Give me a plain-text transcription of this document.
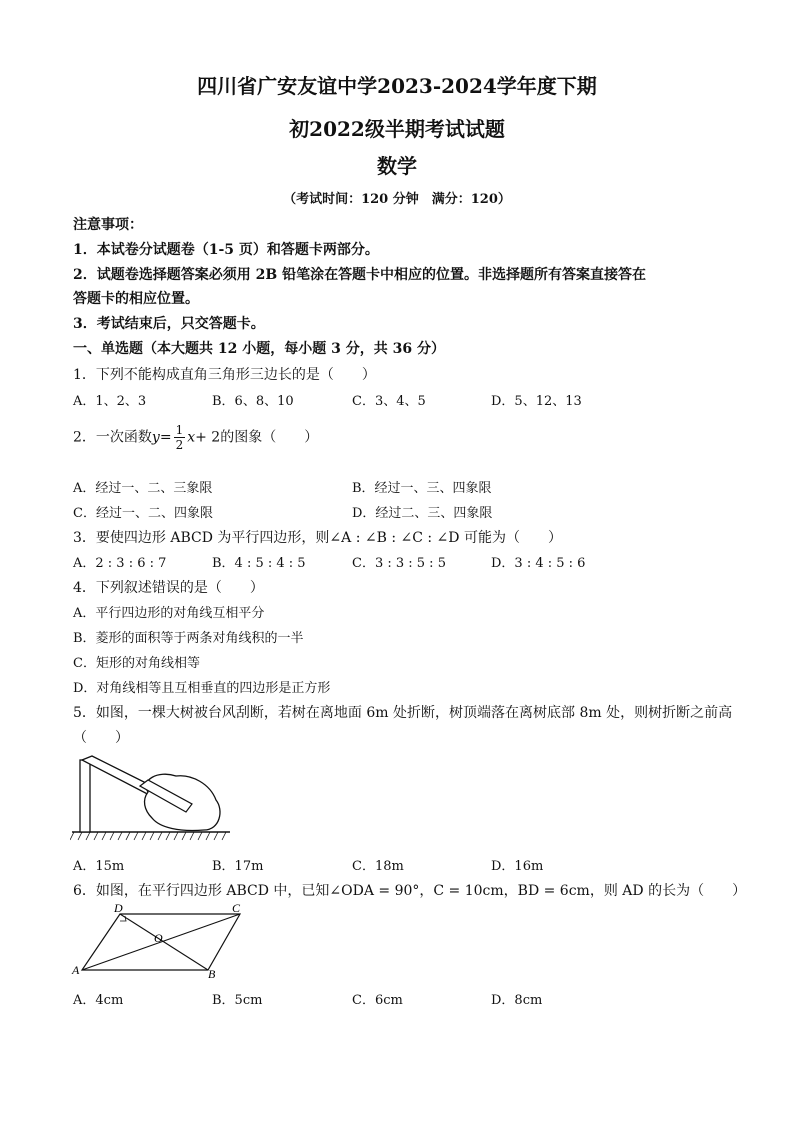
四川省广安友谊中学2023-2024学年度下期
初2022级半期考试试题
数学
（考试时间：120 分钟　满分：120）
注意事项：
1．本试卷分试题卷（1-5 页）和答题卡两部分。
2．试题卷选择题答案必须用 2B 铅笔涂在答题卡中相应的位置。非选择题所有答案直接答在
答题卡的相应位置。
3．考试结束后，只交答题卡。
一、单选题（本大题共 12 小题，每小题 3 分，共 36 分）
1．下列不能构成直角三角形三边长的是（　　）
A．1、2、3	B．6、8、10	C．3、4、5	D．5、12、13
2．一次函数$y= \frac{1}{2} x+ 2$的图象（　　）
A．经过一、二、三象限	B．经过一、三、四象限
C．经过一、二、四象限	D．经过二、三、四象限
3．要使四边形 ABCD 为平行四边形，则∠A : ∠B : ∠C : ∠D 可能为（　　）
A．2 : 3 : 6 : 7	B．4 : 5 : 4 : 5	C．3 : 3 : 5 : 5	D．3 : 4 : 5 : 6
4．下列叙述错误的是（　　）
A．平行四边形的对角线互相平分
B．菱形的面积等于两条对角线积的一半
C．矩形的对角线相等
D．对角线相等且互相垂直的四边形是正方形
5．如图，一棵大树被台风刮断，若树在离地面 6m 处折断，树顶端落在离树底部 8m 处，则树折断之前高
（　　）
A．15m	B．17m	C．18m	D．16m
6．如图，在平行四边形 ABCD 中，已知∠ODA = 90°，C = 10cm，BD = 6cm，则 AD 的长为（　　）
A	B
C
D
O
A．4cm	B．5cm	C．6cm	D．8cm
